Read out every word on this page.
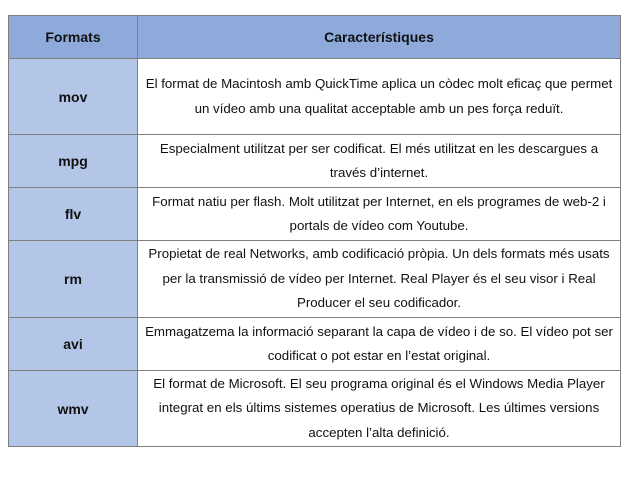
Formats	Característiques
mov	El format de Macintosh amb QuickTime aplica un còdec molt eficaç que permet un vídeo amb una qualitat acceptable amb un pes força reduït.
mpg	Especialment utilitzat per ser codificat. El més utilitzat en les descargues a través d’internet.
flv	Format natiu per flash. Molt utilitzat per Internet, en els programes de web-2 i portals de vídeo com Youtube.
rm	Propietat de real Networks, amb codificació pròpia. Un dels formats més usats per la transmissió de vídeo per Internet. Real Player és el seu visor i Real Producer el seu codificador.
avi	Emmagatzema la informació separant la capa de vídeo i de so. El vídeo pot ser codificat o pot estar en l’estat original.
wmv	El format de Microsoft. El seu programa original és el Windows Media Player integrat en els últims sistemes operatius de Microsoft. Les últimes versions accepten l’alta definició.
